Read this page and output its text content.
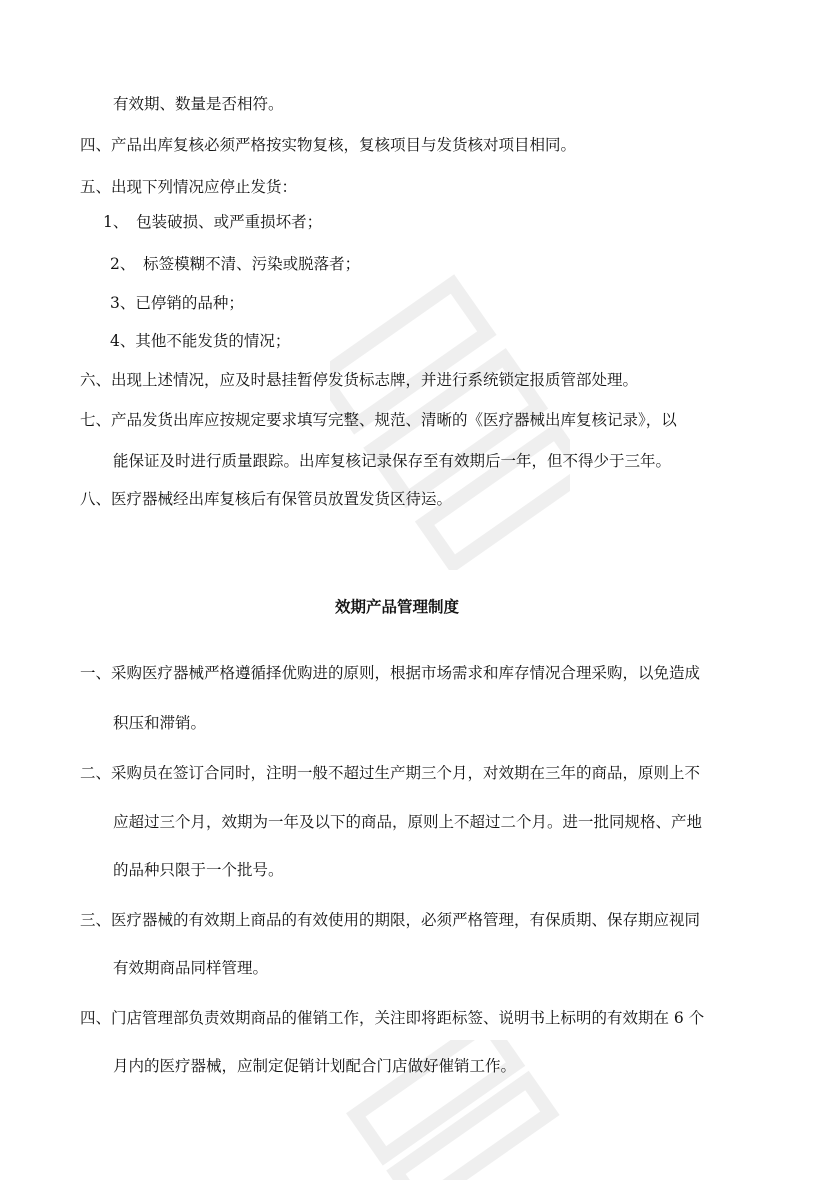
有效期、数量是否相符。

四、产品出库复核必须严格按实物复核，复核项目与发货核对项目相同。

五、出现下列情况应停止发货：

1、　包装破损、或严重损坏者；

2、　标签模糊不清、污染或脱落者；

3、已停销的品种；

4、其他不能发货的情况；

六、出现上述情况，应及时悬挂暂停发货标志牌，并进行系统锁定报质管部处理。

七、产品发货出库应按规定要求填写完整、规范、清晰的《医疗器械出库复核记录》，以

能保证及时进行质量跟踪。出库复核记录保存至有效期后一年，但不得少于三年。

八、医疗器械经出库复核后有保管员放置发货区待运。

效期产品管理制度

一、采购医疗器械严格遵循择优购进的原则，根据市场需求和库存情况合理采购，以免造成

积压和滞销。

二、采购员在签订合同时，注明一般不超过生产期三个月，对效期在三年的商品，原则上不

应超过三个月，效期为一年及以下的商品，原则上不超过二个月。进一批同规格、产地

的品种只限于一个批号。

三、医疗器械的有效期上商品的有效使用的期限，必须严格管理，有保质期、保存期应视同

有效期商品同样管理。

四、门店管理部负责效期商品的催销工作，关注即将距标签、说明书上标明的有效期在 6 个

月内的医疗器械，应制定促销计划配合门店做好催销工作。
